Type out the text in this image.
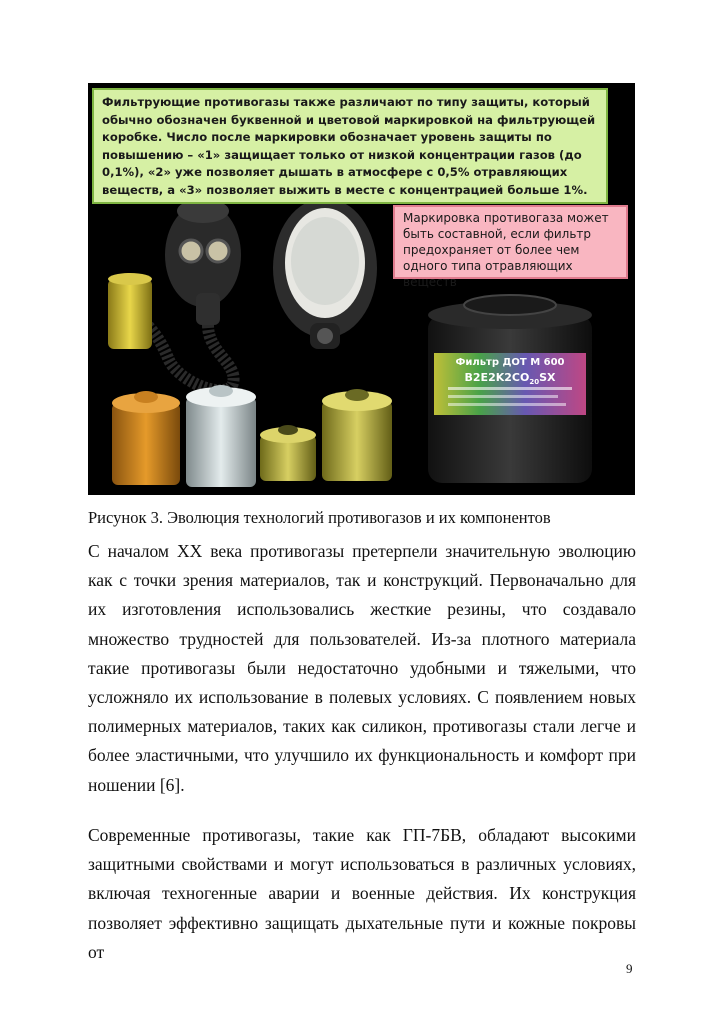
Фильтр ДОТ М 600
$B2E2K2CO_{20}SX$
Фильтрующие противогазы также различают по типу защиты, который обычно обозначен буквенной и цветовой маркировкой на фильтрующей коробке. Число после маркировки обозначает уровень защиты по повышению – «1» защищает только от низкой концентрации газов (до 0,1%), «2» уже позволяет дышать в атмосфере с 0,5% отравляющих веществ, а «3» позволяет выжить в месте с концентрацией больше 1%.
Маркировка противогаза может быть составной, если фильтр предохраняет от более чем одного типа отравляющих веществ
Рисунок 3. Эволюция технологий противогазов и их компонентов

С началом XX века противогазы претерпели значительную эволюцию как с точки зрения материалов, так и конструкций. Первоначально для их изготовления использовались жесткие резины, что создавало множество трудностей для пользователей. Из-за плотного материала такие противогазы были недостаточно удобными и тяжелыми, что усложняло их использование в полевых условиях. С появлением новых полимерных материалов, таких как силикон, противогазы стали легче и более эластичными, что улучшило их функциональность и комфорт при ношении [6].

Современные противогазы, такие как ГП-7БВ, обладают высокими защитными свойствами и могут использоваться в различных условиях, включая техногенные аварии и военные действия. Их конструкция позволяет эффективно защищать дыхательные пути и кожные покровы от

9
